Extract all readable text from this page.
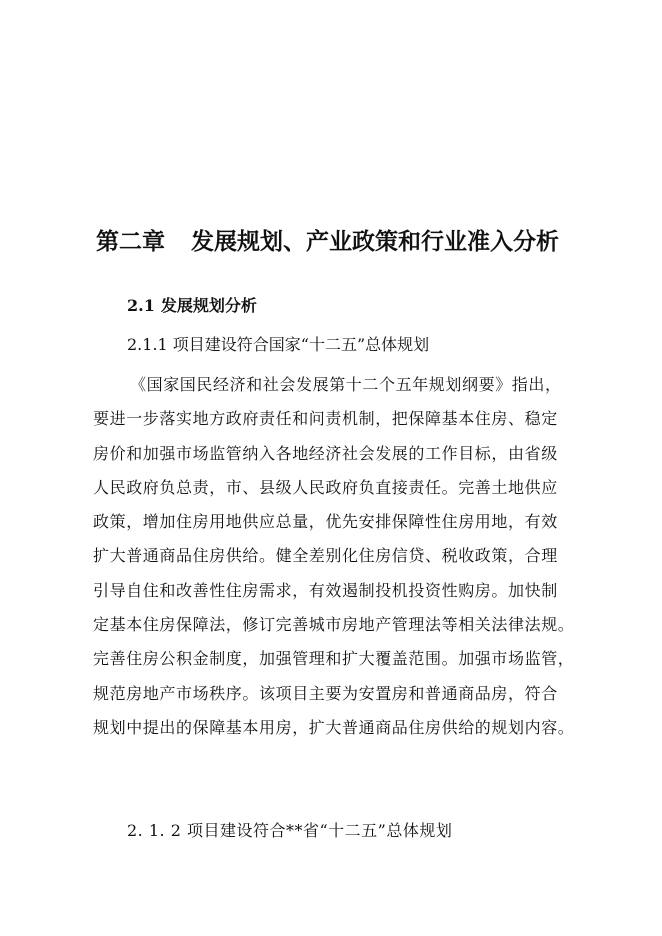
第二章 发展规划、产业政策和行业准入分析
2.1 发展规划分析
2.1.1 项目建设符合国家“十二五”总体规划
《国家国民经济和社会发展第十二个五年规划纲要》指出，
要进一步落实地方政府责任和问责机制，把保障基本住房、稳定
房价和加强市场监管纳入各地经济社会发展的工作目标，由省级
人民政府负总责，市、县级人民政府负直接责任。完善土地供应
政策，增加住房用地供应总量，优先安排保障性住房用地，有效
扩大普通商品住房供给。健全差别化住房信贷、税收政策，合理
引导自住和改善性住房需求，有效遏制投机投资性购房。加快制
定基本住房保障法，修订完善城市房地产管理法等相关法律法规。
完善住房公积金制度，加强管理和扩大覆盖范围。加强市场监管，
规范房地产市场秩序。该项目主要为安置房和普通商品房，符合
规划中提出的保障基本用房，扩大普通商品住房供给的规划内容。
2. 1. 2 项目建设符合**省“十二五”总体规划
